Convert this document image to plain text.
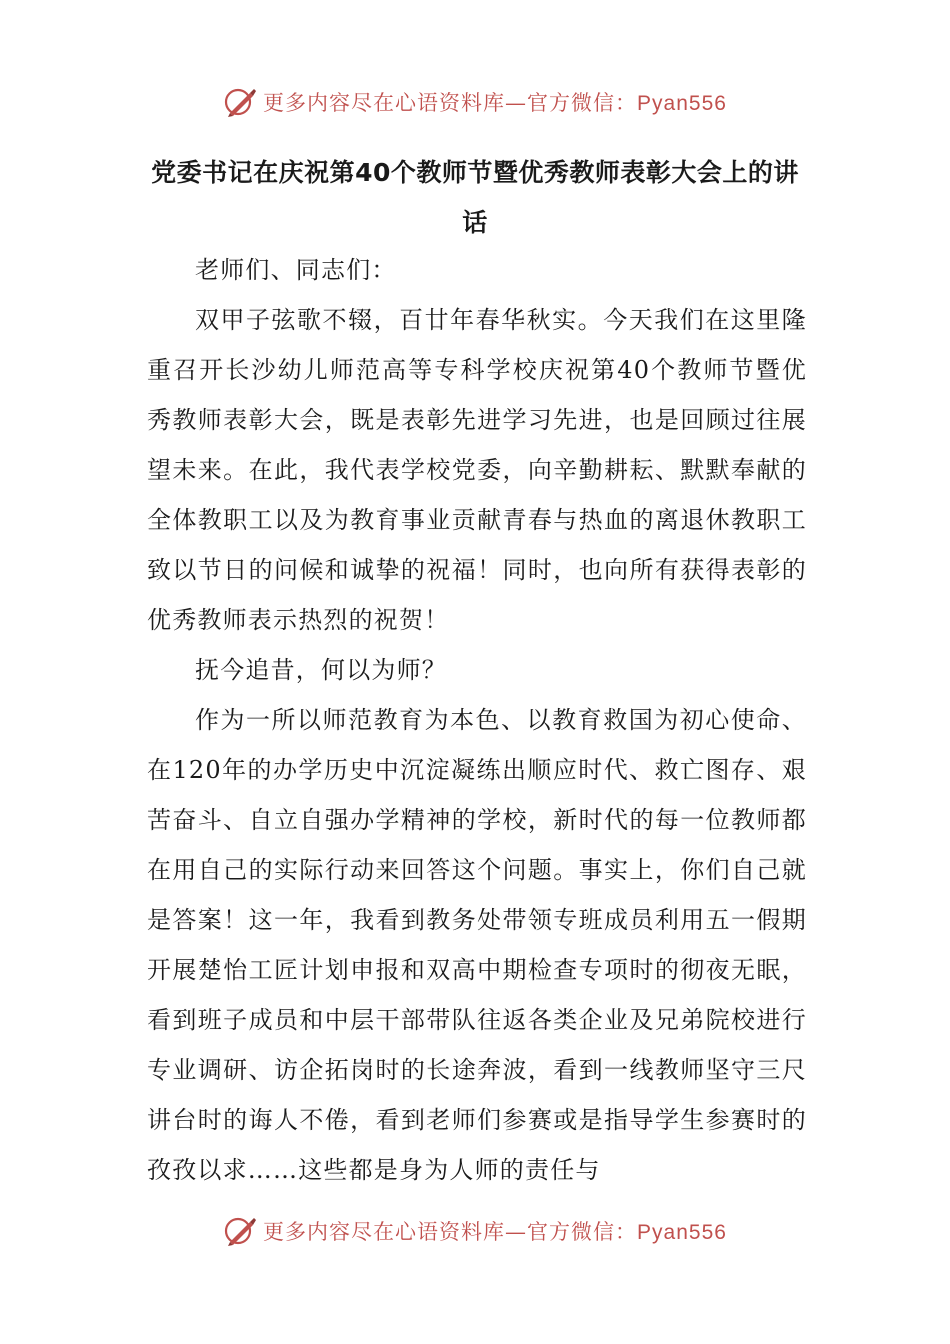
更多内容尽在心语资料库—官方微信：Pyan556
党委书记在庆祝第40个教师节暨优秀教师表彰大会上的讲话

老师们、同志们：

双甲子弦歌不辍，百廿年春华秋实。今天我们在这里隆重召开长沙幼儿师范高等专科学校庆祝第40个教师节暨优秀教师表彰大会，既是表彰先进学习先进，也是回顾过往展望未来。在此，我代表学校党委，向辛勤耕耘、默默奉献的全体教职工以及为教育事业贡献青春与热血的离退休教职工致以节日的问候和诚挚的祝福！同时，也向所有获得表彰的优秀教师表示热烈的祝贺！

抚今追昔，何以为师？

作为一所以师范教育为本色、以教育救国为初心使命、在120年的办学历史中沉淀凝练出顺应时代、救亡图存、艰苦奋斗、自立自强办学精神的学校，新时代的每一位教师都在用自己的实际行动来回答这个问题。事实上，你们自己就是答案！这一年，我看到教务处带领专班成员利用五一假期开展楚怡工匠计划申报和双高中期检查专项时的彻夜无眠，看到班子成员和中层干部带队往返各类企业及兄弟院校进行专业调研、访企拓岗时的长途奔波，看到一线教师坚守三尺讲台时的诲人不倦，看到老师们参赛或是指导学生参赛时的孜孜以求……这些都是身为人师的责任与

更多内容尽在心语资料库—官方微信：Pyan556
